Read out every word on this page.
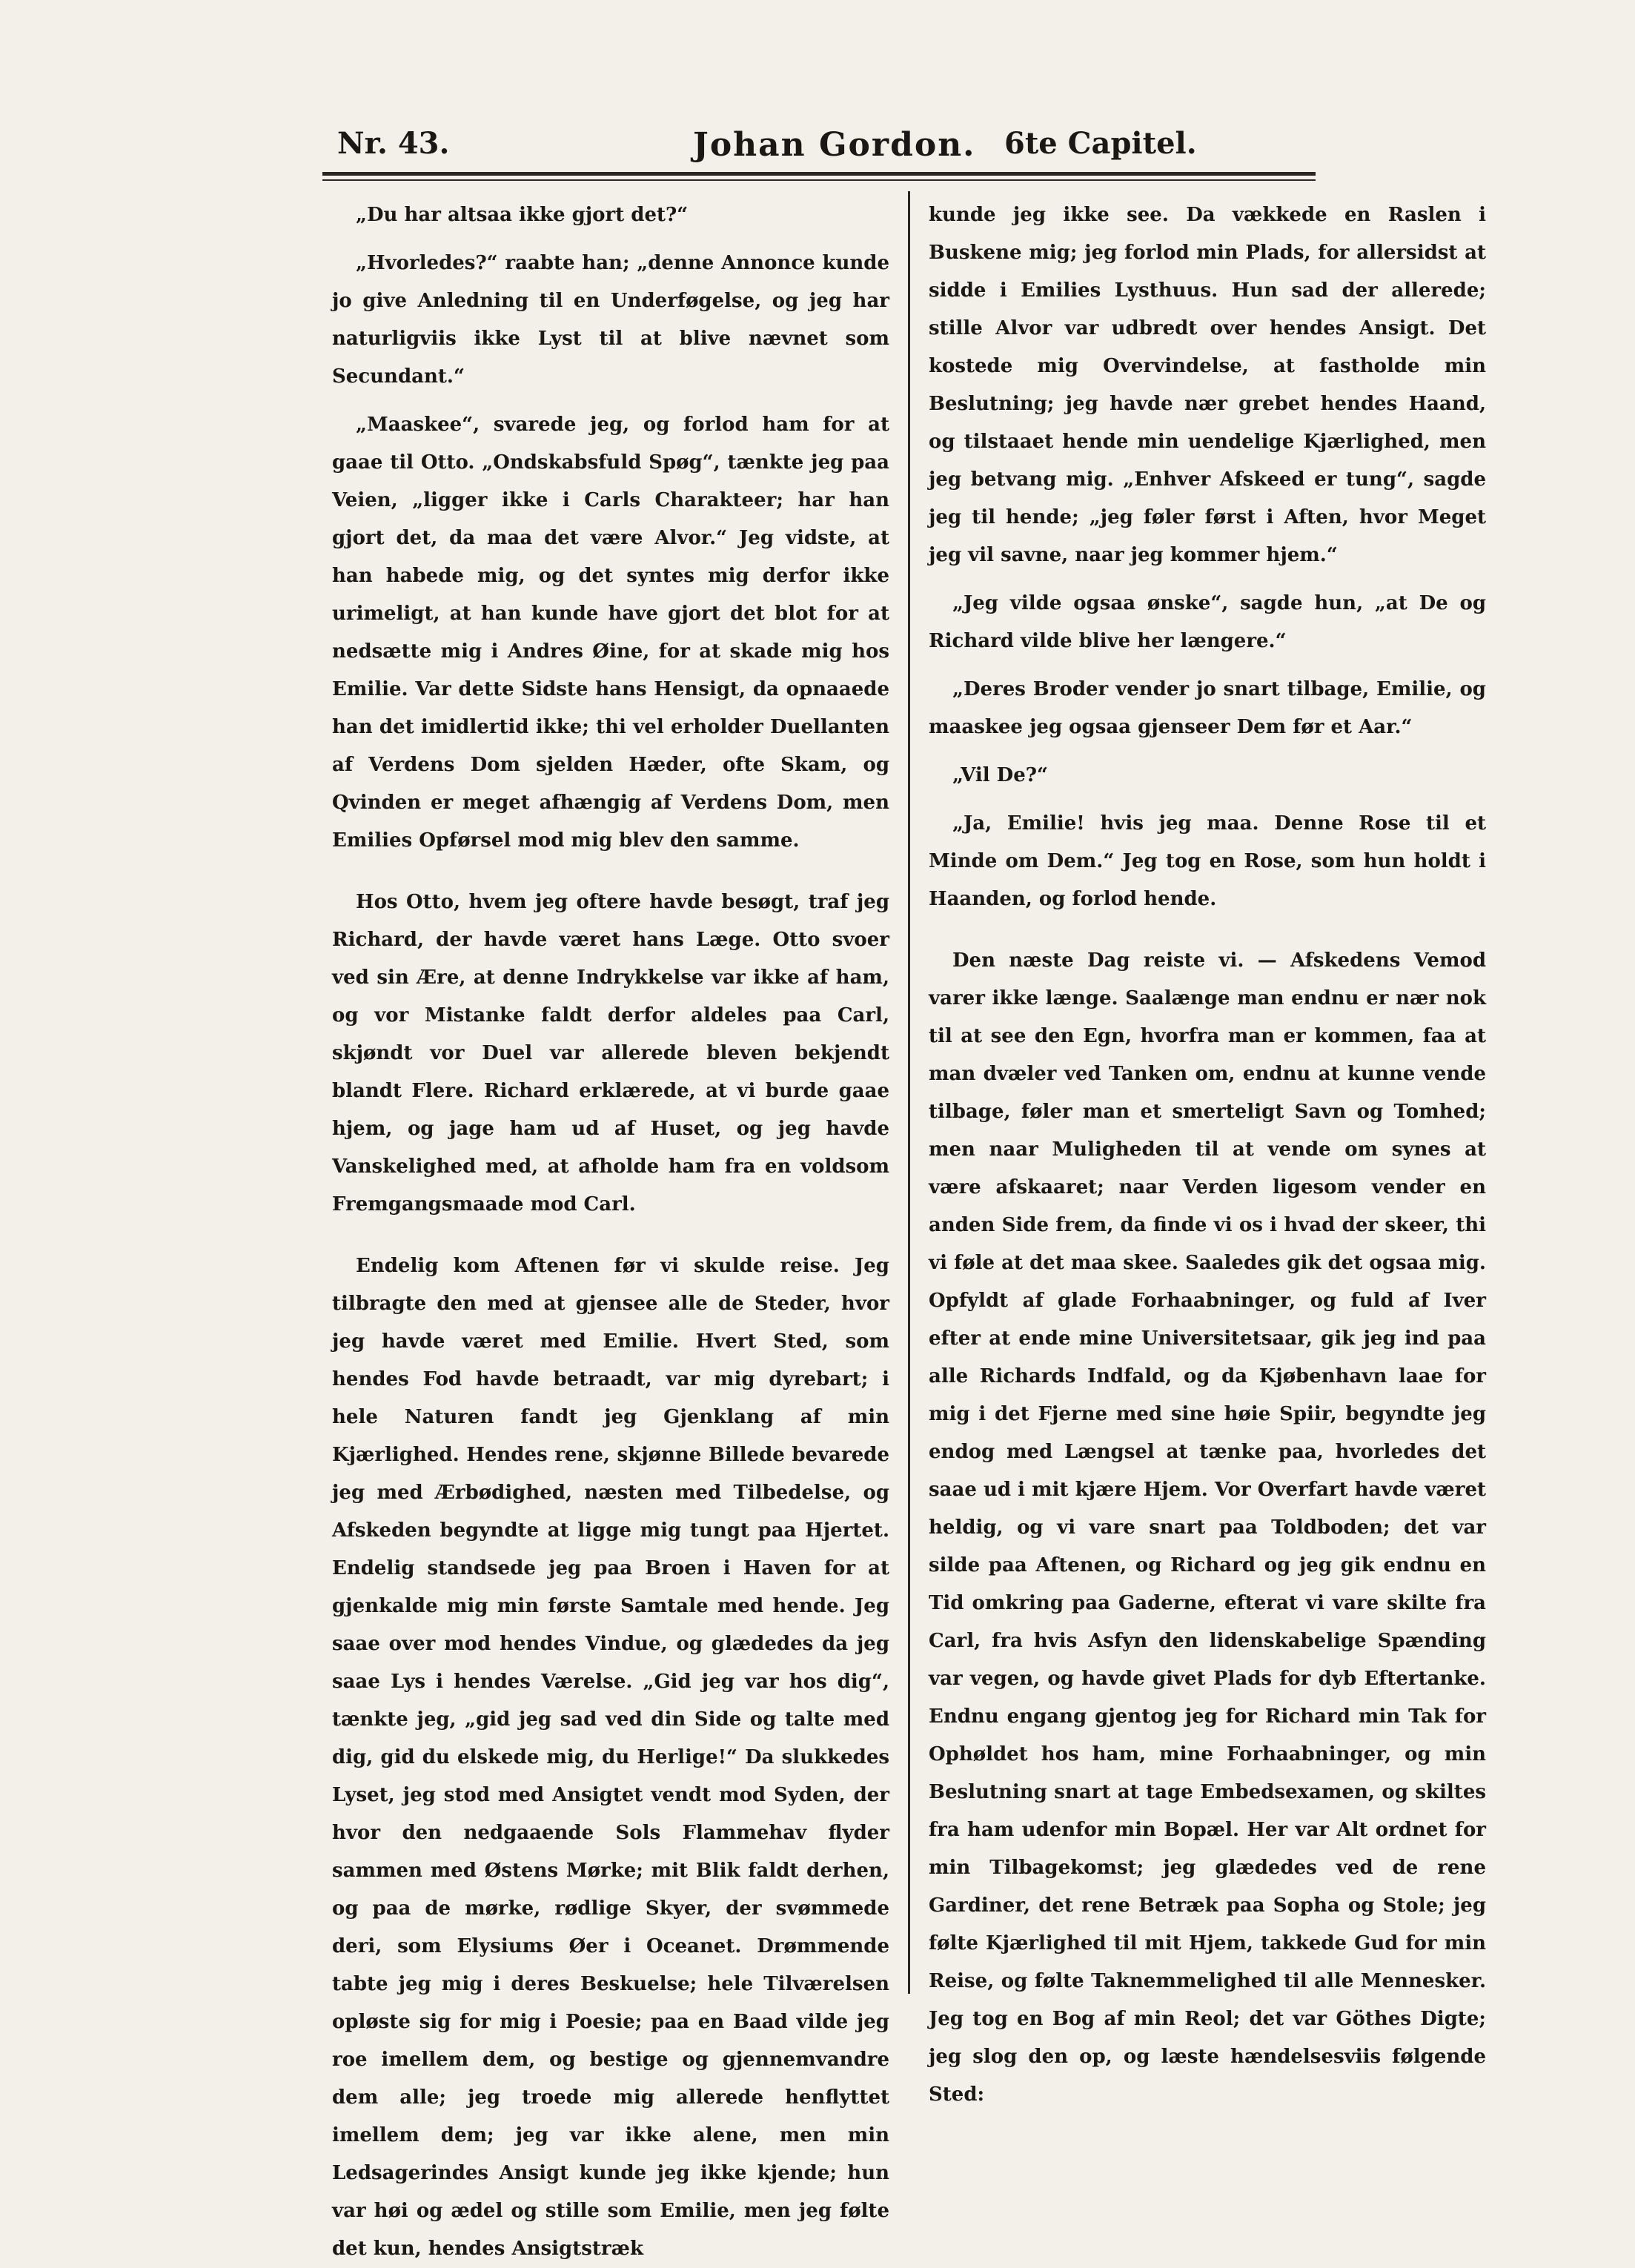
Nr. 43.	Johan Gordon. 6te Capitel.

„Du har altsaa ikke gjort det?“

„Hvorledes?“ raabte han; „denne Annonce kunde jo give Anledning til en Underføgelse, og jeg har naturligviis ikke Lyst til at blive nævnet som Secundant.“

„Maaskee“, svarede jeg, og forlod ham for at gaae til Otto. „Ondskabsfuld Spøg“, tænkte jeg paa Veien, „ligger ikke i Carls Charakteer; har han gjort det, da maa det være Alvor.“ Jeg vidste, at han habede mig, og det syntes mig derfor ikke urimeligt, at han kunde have gjort det blot for at nedsætte mig i Andres Øine, for at skade mig hos Emilie. Var dette Sidste hans Hensigt, da opnaaede han det imidlertid ikke; thi vel erholder Duellanten af Verdens Dom sjelden Hæder, ofte Skam, og Qvinden er meget afhængig af Verdens Dom, men Emilies Opførsel mod mig blev den samme.

Hos Otto, hvem jeg oftere havde besøgt, traf jeg Richard, der havde været hans Læge. Otto svoer ved sin Ære, at denne Indrykkelse var ikke af ham, og vor Mistanke faldt derfor aldeles paa Carl, skjøndt vor Duel var allerede bleven bekjendt blandt Flere. Richard erklærede, at vi burde gaae hjem, og jage ham ud af Huset, og jeg havde Vanskelighed med, at afholde ham fra en voldsom Fremgangsmaade mod Carl.

Endelig kom Aftenen før vi skulde reise. Jeg tilbragte den med at gjensee alle de Steder, hvor jeg havde været med Emilie. Hvert Sted, som hendes Fod havde betraadt, var mig dyrebart; i hele Naturen fandt jeg Gjenklang af min Kjærlighed. Hendes rene, skjønne Billede bevarede jeg med Ærbødighed, næsten med Tilbedelse, og Afskeden begyndte at ligge mig tungt paa Hjertet. Endelig standsede jeg paa Broen i Haven for at gjenkalde mig min første Samtale med hende. Jeg saae over mod hendes Vindue, og glædedes da jeg saae Lys i hendes Værelse. „Gid jeg var hos dig“, tænkte jeg, „gid jeg sad ved din Side og talte med dig, gid du elskede mig, du Herlige!“ Da slukkedes Lyset, jeg stod med Ansigtet vendt mod Syden, der hvor den nedgaaende Sols Flammehav flyder sammen med Østens Mørke; mit Blik faldt derhen, og paa de mørke, rødlige Skyer, der svømmede deri, som Elysiums Øer i Oceanet. Drømmende tabte jeg mig i deres Beskuelse; hele Tilværelsen opløste sig for mig i Poesie; paa en Baad vilde jeg roe imellem dem, og bestige og gjennemvandre dem alle; jeg troede mig allerede henflyttet imellem dem; jeg var ikke alene, men min Ledsagerindes Ansigt kunde jeg ikke kjende; hun var høi og ædel og stille som Emilie, men jeg følte det kun, hendes Ansigtstræk

kunde jeg ikke see. Da vækkede en Raslen i Buskene mig; jeg forlod min Plads, for allersidst at sidde i Emilies Lysthuus. Hun sad der allerede; stille Alvor var udbredt over hendes Ansigt. Det kostede mig Overvindelse, at fastholde min Beslutning; jeg havde nær grebet hendes Haand, og tilstaaet hende min uendelige Kjærlighed, men jeg betvang mig. „Enhver Afskeed er tung“, sagde jeg til hende; „jeg føler først i Aften, hvor Meget jeg vil savne, naar jeg kommer hjem.“

„Jeg vilde ogsaa ønske“, sagde hun, „at De og Richard vilde blive her længere.“

„Deres Broder vender jo snart tilbage, Emilie, og maaskee jeg ogsaa gjenseer Dem før et Aar.“

„Vil De?“

„Ja, Emilie! hvis jeg maa. Denne Rose til et Minde om Dem.“ Jeg tog en Rose, som hun holdt i Haanden, og forlod hende.

Den næste Dag reiste vi. — Afskedens Vemod varer ikke længe. Saalænge man endnu er nær nok til at see den Egn, hvorfra man er kommen, faa at man dvæler ved Tanken om, endnu at kunne vende tilbage, føler man et smerteligt Savn og Tomhed; men naar Muligheden til at vende om synes at være afskaaret; naar Verden ligesom vender en anden Side frem, da finde vi os i hvad der skeer, thi vi føle at det maa skee. Saaledes gik det ogsaa mig. Opfyldt af glade Forhaabninger, og fuld af Iver efter at ende mine Universitetsaar, gik jeg ind paa alle Richards Indfald, og da Kjøbenhavn laae for mig i det Fjerne med sine høie Spiir, begyndte jeg endog med Længsel at tænke paa, hvorledes det saae ud i mit kjære Hjem. Vor Overfart havde været heldig, og vi vare snart paa Toldboden; det var silde paa Aftenen, og Richard og jeg gik endnu en Tid omkring paa Gaderne, efterat vi vare skilte fra Carl, fra hvis Asfyn den lidenskabelige Spænding var vegen, og havde givet Plads for dyb Eftertanke. Endnu engang gjentog jeg for Richard min Tak for Ophøldet hos ham, mine Forhaabninger, og min Beslutning snart at tage Embedsexamen, og skiltes fra ham udenfor min Bopæl. Her var Alt ordnet for min Tilbagekomst; jeg glædedes ved de rene Gardiner, det rene Betræk paa Sopha og Stole; jeg følte Kjærlighed til mit Hjem, takkede Gud for min Reise, og følte Taknemmelighed til alle Mennesker. Jeg tog en Bog af min Reol; det var Göthes Digte; jeg slog den op, og læste hændelsesviis følgende Sted:
